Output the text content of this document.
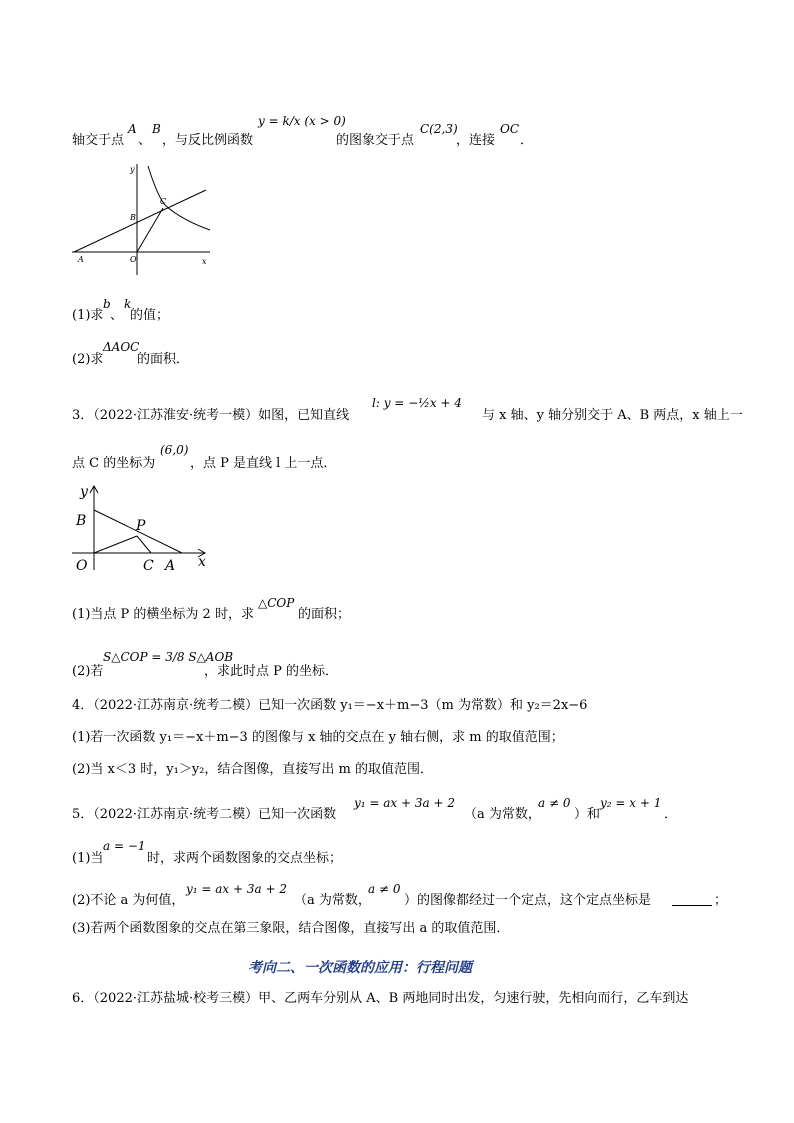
轴交于点
A
、
B
，与反比例函数
y = k/x (x > 0)
的图象交于点
C(2,3)
，连接
OC
．
A
B
C
O	x
y
(1)求
b
、
k
的值；
(2)求
ΔAOC
的面积．
3．（2022·江苏淮安·统考一模）如图，已知直线
l: y = −½x + 4
与 x 轴、y 轴分别交于 A、B 两点，x 轴上一
点 C 的坐标为
(6,0)
，点 P 是直线 l 上一点．
y
B	P
O	C A x
(1)当点 P 的横坐标为 2 时，求
△COP
的面积；
(2)若
S△COP = 3/8 S△AOB
，求此时点 P 的坐标．
4．（2022·江苏南京·统考二模）已知一次函数 y₁＝−x＋m−3（m 为常数）和 y₂＝2x−6
(1)若一次函数 y₁＝−x＋m−3 的图像与 x 轴的交点在 y 轴右侧，求 m 的取值范围；
(2)当 x＜3 时，y₁＞y₂，结合图像，直接写出 m 的取值范围．
5．（2022·江苏南京·统考二模）已知一次函数
y₁ = ax + 3a + 2
（a 为常数，
a ≠ 0
）和
y₂ = x + 1
．
(1)当
a = −1
时，求两个函数图象的交点坐标；
(2)不论 a 为何值，
y₁ = ax + 3a + 2
（a 为常数，
a ≠ 0
）的图像都经过一个定点，这个定点坐标是	；
(3)若两个函数图象的交点在第三象限，结合图像，直接写出 a 的取值范围．
考向二、一次函数的应用：行程问题
6．（2022·江苏盐城·校考三模）甲、乙两车分别从 A、B 两地同时出发，匀速行驶，先相向而行，乙车到达
